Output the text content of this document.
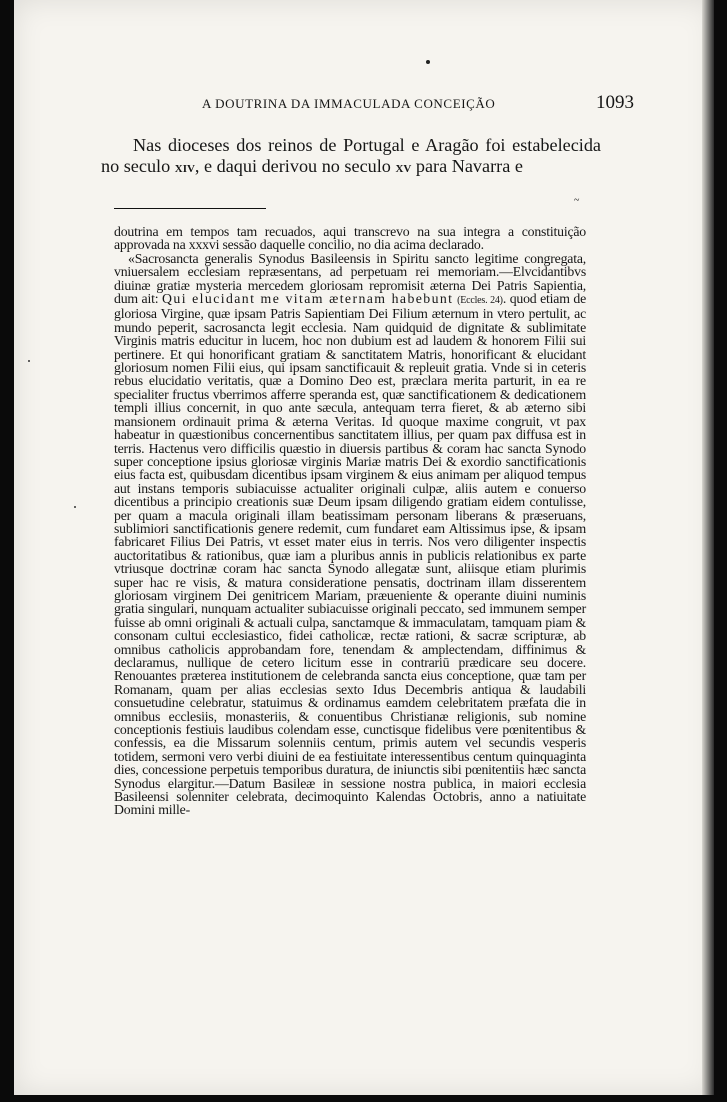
A DOUTRINA DA IMMACULADA CONCEIÇÃO	1093

Nas dioceses dos reinos de Portugal e Aragão foi estabelecida no seculo xiv, e daqui derivou no seculo xv para Navarra e

~

doutrina em tempos tam recuados, aqui transcrevo na sua integra a constituição approvada na xxxvi sessão daquelle concilio, no dia acima declarado.

«Sacrosancta generalis Synodus Basileensis in Spiritu sancto legitime congregata, vniuersalem ecclesiam repræsentans, ad perpetuam rei memoriam.—Elvcidantibvs diuinæ gratiæ mysteria mercedem gloriosam repromisit æterna Dei Patris Sapientia, dum ait: Qui elucidant me vitam æternam habebunt (Eccles. 24). quod etiam de gloriosa Virgine, quæ ipsam Patris Sapientiam Dei Filium æternum in vtero pertulit, ac mundo peperit, sacrosancta legit ecclesia. Nam quidquid de dignitate & sublimitate Virginis matris educitur in lucem, hoc non dubium est ad laudem & honorem Filii sui pertinere. Et qui honorificant gratiam & sanctitatem Matris, honorificant & elucidant gloriosum nomen Filii eius, qui ipsam sanctificauit & repleuit gratia. Vnde si in ceteris rebus elucidatio veritatis, quæ a Domino Deo est, præclara merita parturit, in ea re specialiter fructus vberrimos afferre speranda est, quæ sanctificationem & dedicationem templi illius concernit, in quo ante sæcula, antequam terra fieret, & ab æterno sibi mansionem ordinauit prima & æterna Veritas. Id quoque maxime congruit, vt pax habeatur in quæstionibus concernentibus sanctitatem illius, per quam pax diffusa est in terris. Hactenus vero difficilis quæstio in diuersis partibus & coram hac sancta Synodo super conceptione ipsius gloriosæ virginis Mariæ matris Dei & exordio sanctificationis eius facta est, quibusdam dicentibus ipsam virginem & eius animam per aliquod tempus aut instans temporis subiacuisse actualiter originali culpæ, aliis autem e conuerso dicentibus a principio creationis suæ Deum ipsam diligendo gratiam eidem contulisse, per quam a macula originali illam beatissimam personam liberans & præseruans, sublimiori sanctificationis genere redemit, cum fundaret eam Altissimus ipse, & ipsam fabricaret Filius Dei Patris, vt esset mater eius in terris. Nos vero diligenter inspectis auctoritatibus & rationibus, quæ iam a pluribus annis in publicis relationibus ex parte vtriusque doctrinæ coram hac sancta Synodo allegatæ sunt, aliisque etiam plurimis super hac re visis, & matura consideratione pensatis, doctrinam illam disserentem gloriosam virginem Dei genitricem Mariam, præueniente & operante diuini numinis gratia singulari, nunquam actualiter subiacuisse originali peccato, sed immunem semper fuisse ab omni originali & actuali culpa, sanctamque & immaculatam, tamquam piam & consonam cultui ecclesiastico, fidei catholicæ, rectæ rationi, & sacræ scripturæ, ab omnibus catholicis approbandam fore, tenendam & amplectendam, diffinimus & declaramus, nullique de cetero licitum esse in contrariū prædicare seu docere. Renouantes præterea institutionem de celebranda sancta eius conceptione, quæ tam per Romanam, quam per alias ecclesias sexto Idus Decembris antiqua & laudabili consuetudine celebratur, statuimus & ordinamus eamdem celebritatem præfata die in omnibus ecclesiis, monasteriis, & conuentibus Christianæ religionis, sub nomine conceptionis festiuis laudibus colendam esse, cunctisque fidelibus vere pœnitentibus & confessis, ea die Missarum solenniis centum, primis autem vel secundis vesperis totidem, sermoni vero verbi diuini de ea festiuitate interessentibus centum quinquaginta dies, concessione perpetuis temporibus duratura, de iniunctis sibi pœnitentiis hæc sancta Synodus elargitur.—Datum Basileæ in sessione nostra publica, in maiori ecclesia Basileensi solenniter celebrata, decimoquinto Kalendas Octobris, anno a natiuitate Domini mille-
